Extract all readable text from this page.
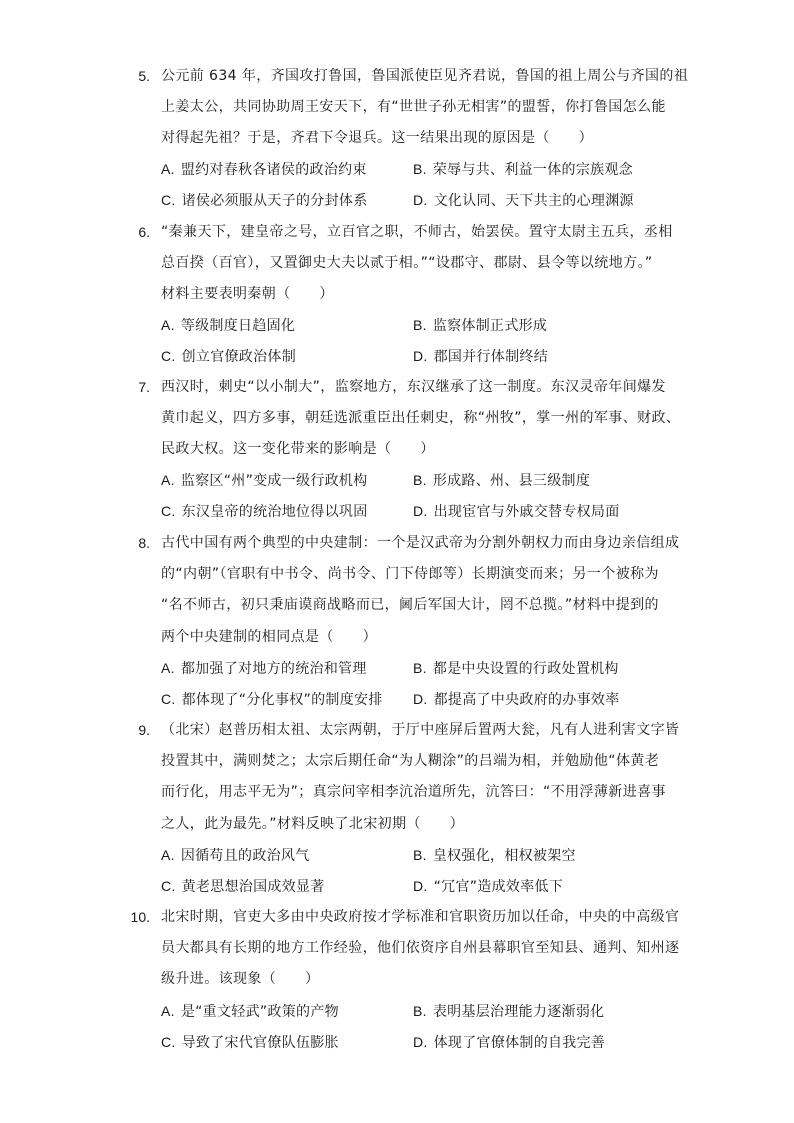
5. 公元前 634 年，齐国攻打鲁国，鲁国派使臣见齐君说，鲁国的祖上周公与齐国的祖
上姜太公，共同协助周王安天下，有“世世子孙无相害”的盟誓，你打鲁国怎么能
对得起先祖？于是，齐君下令退兵。这一结果出现的原因是（　　）
A. 盟约对春秋各诸侯的政治约束	B. 荣辱与共、利益一体的宗族观念
C. 诸侯必须服从天子的分封体系	D. 文化认同、天下共主的心理渊源
6. “秦兼天下，建皇帝之号，立百官之职，不师古，始罢侯。置守太尉主五兵，丞相
总百揆（百官），又置御史大夫以贰于相。”“设郡守、郡尉、县令等以统地方。”
材料主要表明秦朝（　　）
A. 等级制度日趋固化	B. 监察体制正式形成
C. 创立官僚政治体制	D. 郡国并行体制终结
7. 西汉时，刺史“以小制大”，监察地方，东汉继承了这一制度。东汉灵帝年间爆发
黄巾起义，四方多事，朝廷选派重臣出任刺史，称“州牧”，掌一州的军事、财政、
民政大权。这一变化带来的影响是（　　）
A. 监察区“州”变成一级行政机构	B. 形成路、州、县三级制度
C. 东汉皇帝的统治地位得以巩固	D. 出现宦官与外戚交替专权局面
8. 古代中国有两个典型的中央建制：一个是汉武帝为分割外朝权力而由身边亲信组成
的“内朝”（官职有中书令、尚书令、门下侍郎等）长期演变而来；另一个被称为
“名不师古，初只秉庙谟商战略而已，阃后军国大计，罔不总揽。”材料中提到的
两个中央建制的相同点是（　　）
A. 都加强了对地方的统治和管理	B. 都是中央设置的行政处置机构
C. 都体现了“分化事权”的制度安排 D. 都提高了中央政府的办事效率
9. （北宋）赵普历相太祖、太宗两朝，于厅中座屏后置两大瓮，凡有人进利害文字皆
投置其中，满则焚之；太宗后期任命“为人糊涂”的吕端为相，并勉励他“体黄老
而行化，用志平无为”；真宗问宰相李沆治道所先，沆答曰：“不用浮薄新进喜事
之人，此为最先。”材料反映了北宋初期（　　）
A. 因循苟且的政治风气	B. 皇权强化，相权被架空
C. 黄老思想治国成效显著	D. “冗官”造成效率低下
10. 北宋时期，官吏大多由中央政府按才学标准和官职资历加以任命，中央的中高级官
员大都具有长期的地方工作经验，他们依资序自州县幕职官至知县、通判、知州逐
级升进。该现象（　　）
A. 是“重文轻武”政策的产物	B. 表明基层治理能力逐渐弱化
C. 导致了宋代官僚队伍膨胀	D. 体现了官僚体制的自我完善
